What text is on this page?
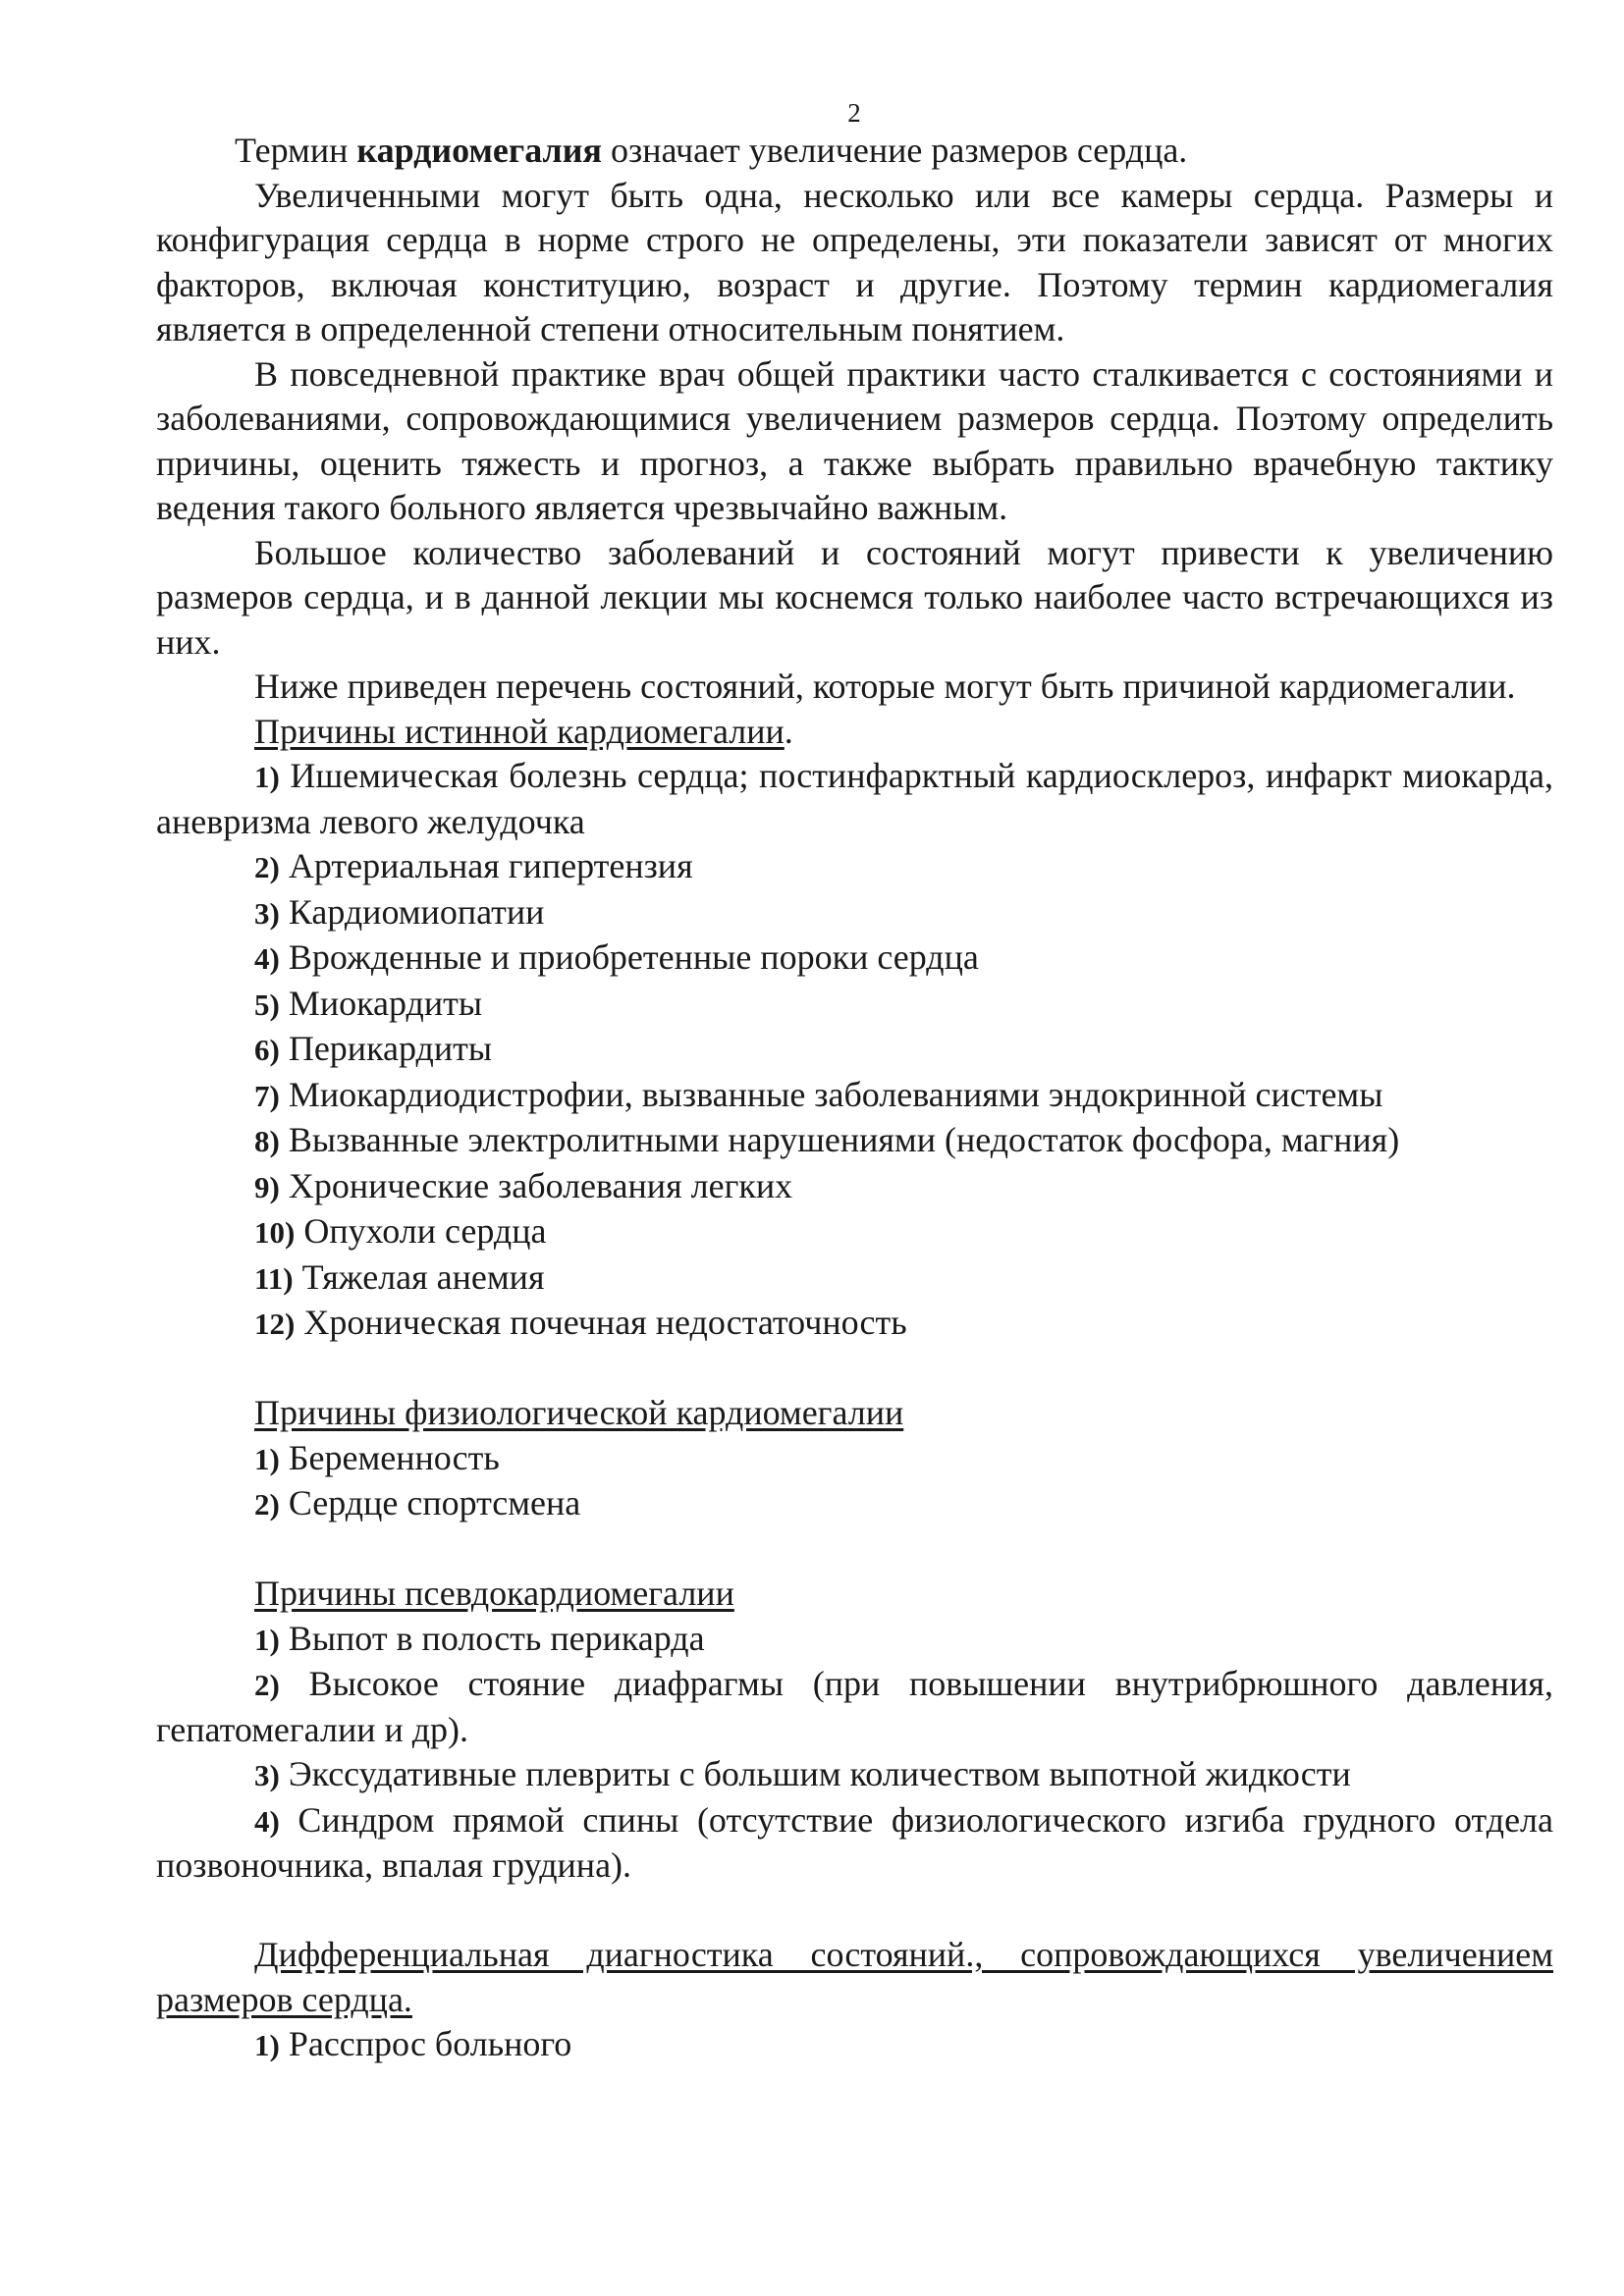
2

Термин кардиомегалия означает увеличение размеров сердца.

Увеличенными могут быть одна, несколько или все камеры сердца. Размеры и конфигурация сердца в норме строго не определены, эти показатели зависят от многих факторов, включая конституцию, возраст и другие. Поэтому термин кардиомегалия является в определенной степени относительным понятием.

В повседневной практике врач общей практики часто сталкивается с состояниями и заболеваниями, сопровождающимися увеличением размеров сердца. Поэтому определить причины, оценить тяжесть и прогноз, а также выбрать правильно врачебную тактику ведения такого больного является чрезвычайно важным.

Большое количество заболеваний и состояний могут привести к увеличению размеров сердца, и в данной лекции мы коснемся только наиболее часто встречающихся из них.

Ниже приведен перечень состояний, которые могут быть причиной кардиомегалии.

Причины истинной кардиомегалии.

1) Ишемическая болезнь сердца; постинфарктный кардиосклероз, инфаркт миокарда, аневризма левого желудочка

2) Артериальная гипертензия

3) Кардиомиопатии

4) Врожденные и приобретенные пороки сердца

5) Миокардиты

6) Перикардиты

7) Миокардиодистрофии, вызванные заболеваниями эндокринной системы

8) Вызванные электролитными нарушениями (недостаток фосфора, магния)

9) Хронические заболевания легких

10) Опухоли сердца

11) Тяжелая анемия

12) Хроническая почечная недостаточность

Причины физиологической кардиомегалии

1) Беременность

2) Сердце спортсмена

Причины псевдокардиомегалии

1) Выпот в полость перикарда

2) Высокое стояние диафрагмы (при повышении внутрибрюшного давления, гепатомегалии и др).

3) Экссудативные плевриты с большим количеством выпотной жидкости

4) Синдром прямой спины (отсутствие физиологического изгиба грудного отдела позвоночника, впалая грудина).

Дифференциальная диагностика состояний., сопровождающихся увеличением размеров сердца.

1) Расспрос больного
